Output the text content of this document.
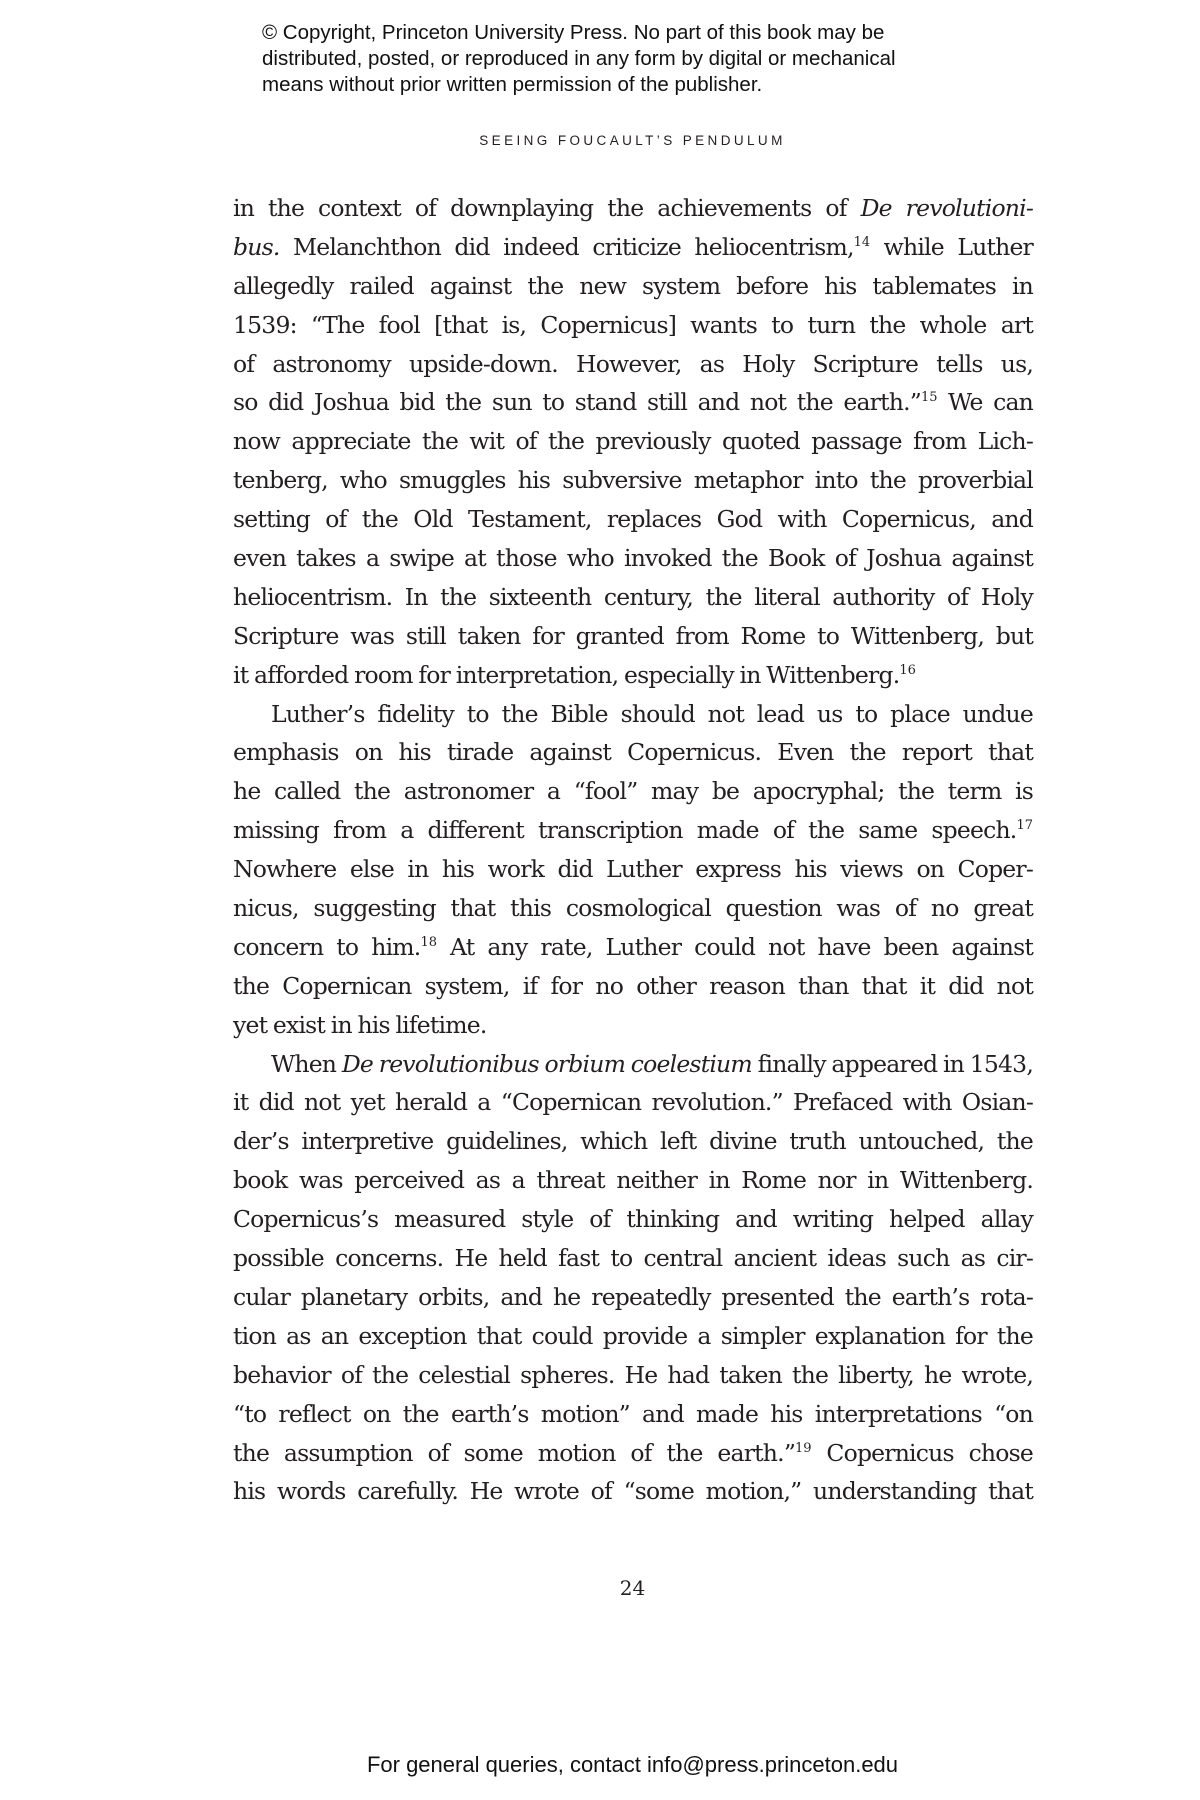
© Copyright, Princeton University Press. No part of this book may be
distributed, posted, or reproduced in any form by digital or mechanical
means without prior written permission of the publisher.
SEEING FOUCAULT’S PENDULUM
in the context of downplaying the achievements of De revolutioni-
bus. Melanchthon did indeed criticize heliocentrism,$^{14}$ while Luther
allegedly railed against the new system before his tablemates in
1539: “The fool [that is, Copernicus] wants to turn the whole art
of astronomy upside-down. However, as Holy Scripture tells us,
so did Joshua bid the sun to stand still and not the earth.”$^{15}$ We can
now appreciate the wit of the previously quoted passage from Lich-
tenberg, who smuggles his subversive metaphor into the proverbial
setting of the Old Testament, replaces God with Copernicus, and
even takes a swipe at those who invoked the Book of Joshua against
heliocentrism. In the sixteenth century, the literal authority of Holy
Scripture was still taken for granted from Rome to Wittenberg, but
it afforded room for interpretation, especially in Wittenberg.$^{16}$
Luther’s fidelity to the Bible should not lead us to place undue
emphasis on his tirade against Copernicus. Even the report that
he called the astronomer a “fool” may be apocryphal; the term is
missing from a different transcription made of the same speech.$^{17}$
Nowhere else in his work did Luther express his views on Coper-
nicus, suggesting that this cosmological question was of no great
concern to him.$^{18}$ At any rate, Luther could not have been against
the Copernican system, if for no other reason than that it did not
yet exist in his lifetime.
When De revolutionibus orbium coelestium finally appeared in 1543,
it did not yet herald a “Copernican revolution.” Prefaced with Osian-
der’s interpretive guidelines, which left divine truth untouched, the
book was perceived as a threat neither in Rome nor in Wittenberg.
Copernicus’s measured style of thinking and writing helped allay
possible concerns. He held fast to central ancient ideas such as cir-
cular planetary orbits, and he repeatedly presented the earth’s rota-
tion as an exception that could provide a simpler explanation for the
behavior of the celestial spheres. He had taken the liberty, he wrote,
“to reflect on the earth’s motion” and made his interpretations “on
the assumption of some motion of the earth.”$^{19}$ Copernicus chose
his words carefully. He wrote of “some motion,” understanding that
24
For general queries, contact info@press.princeton.edu
